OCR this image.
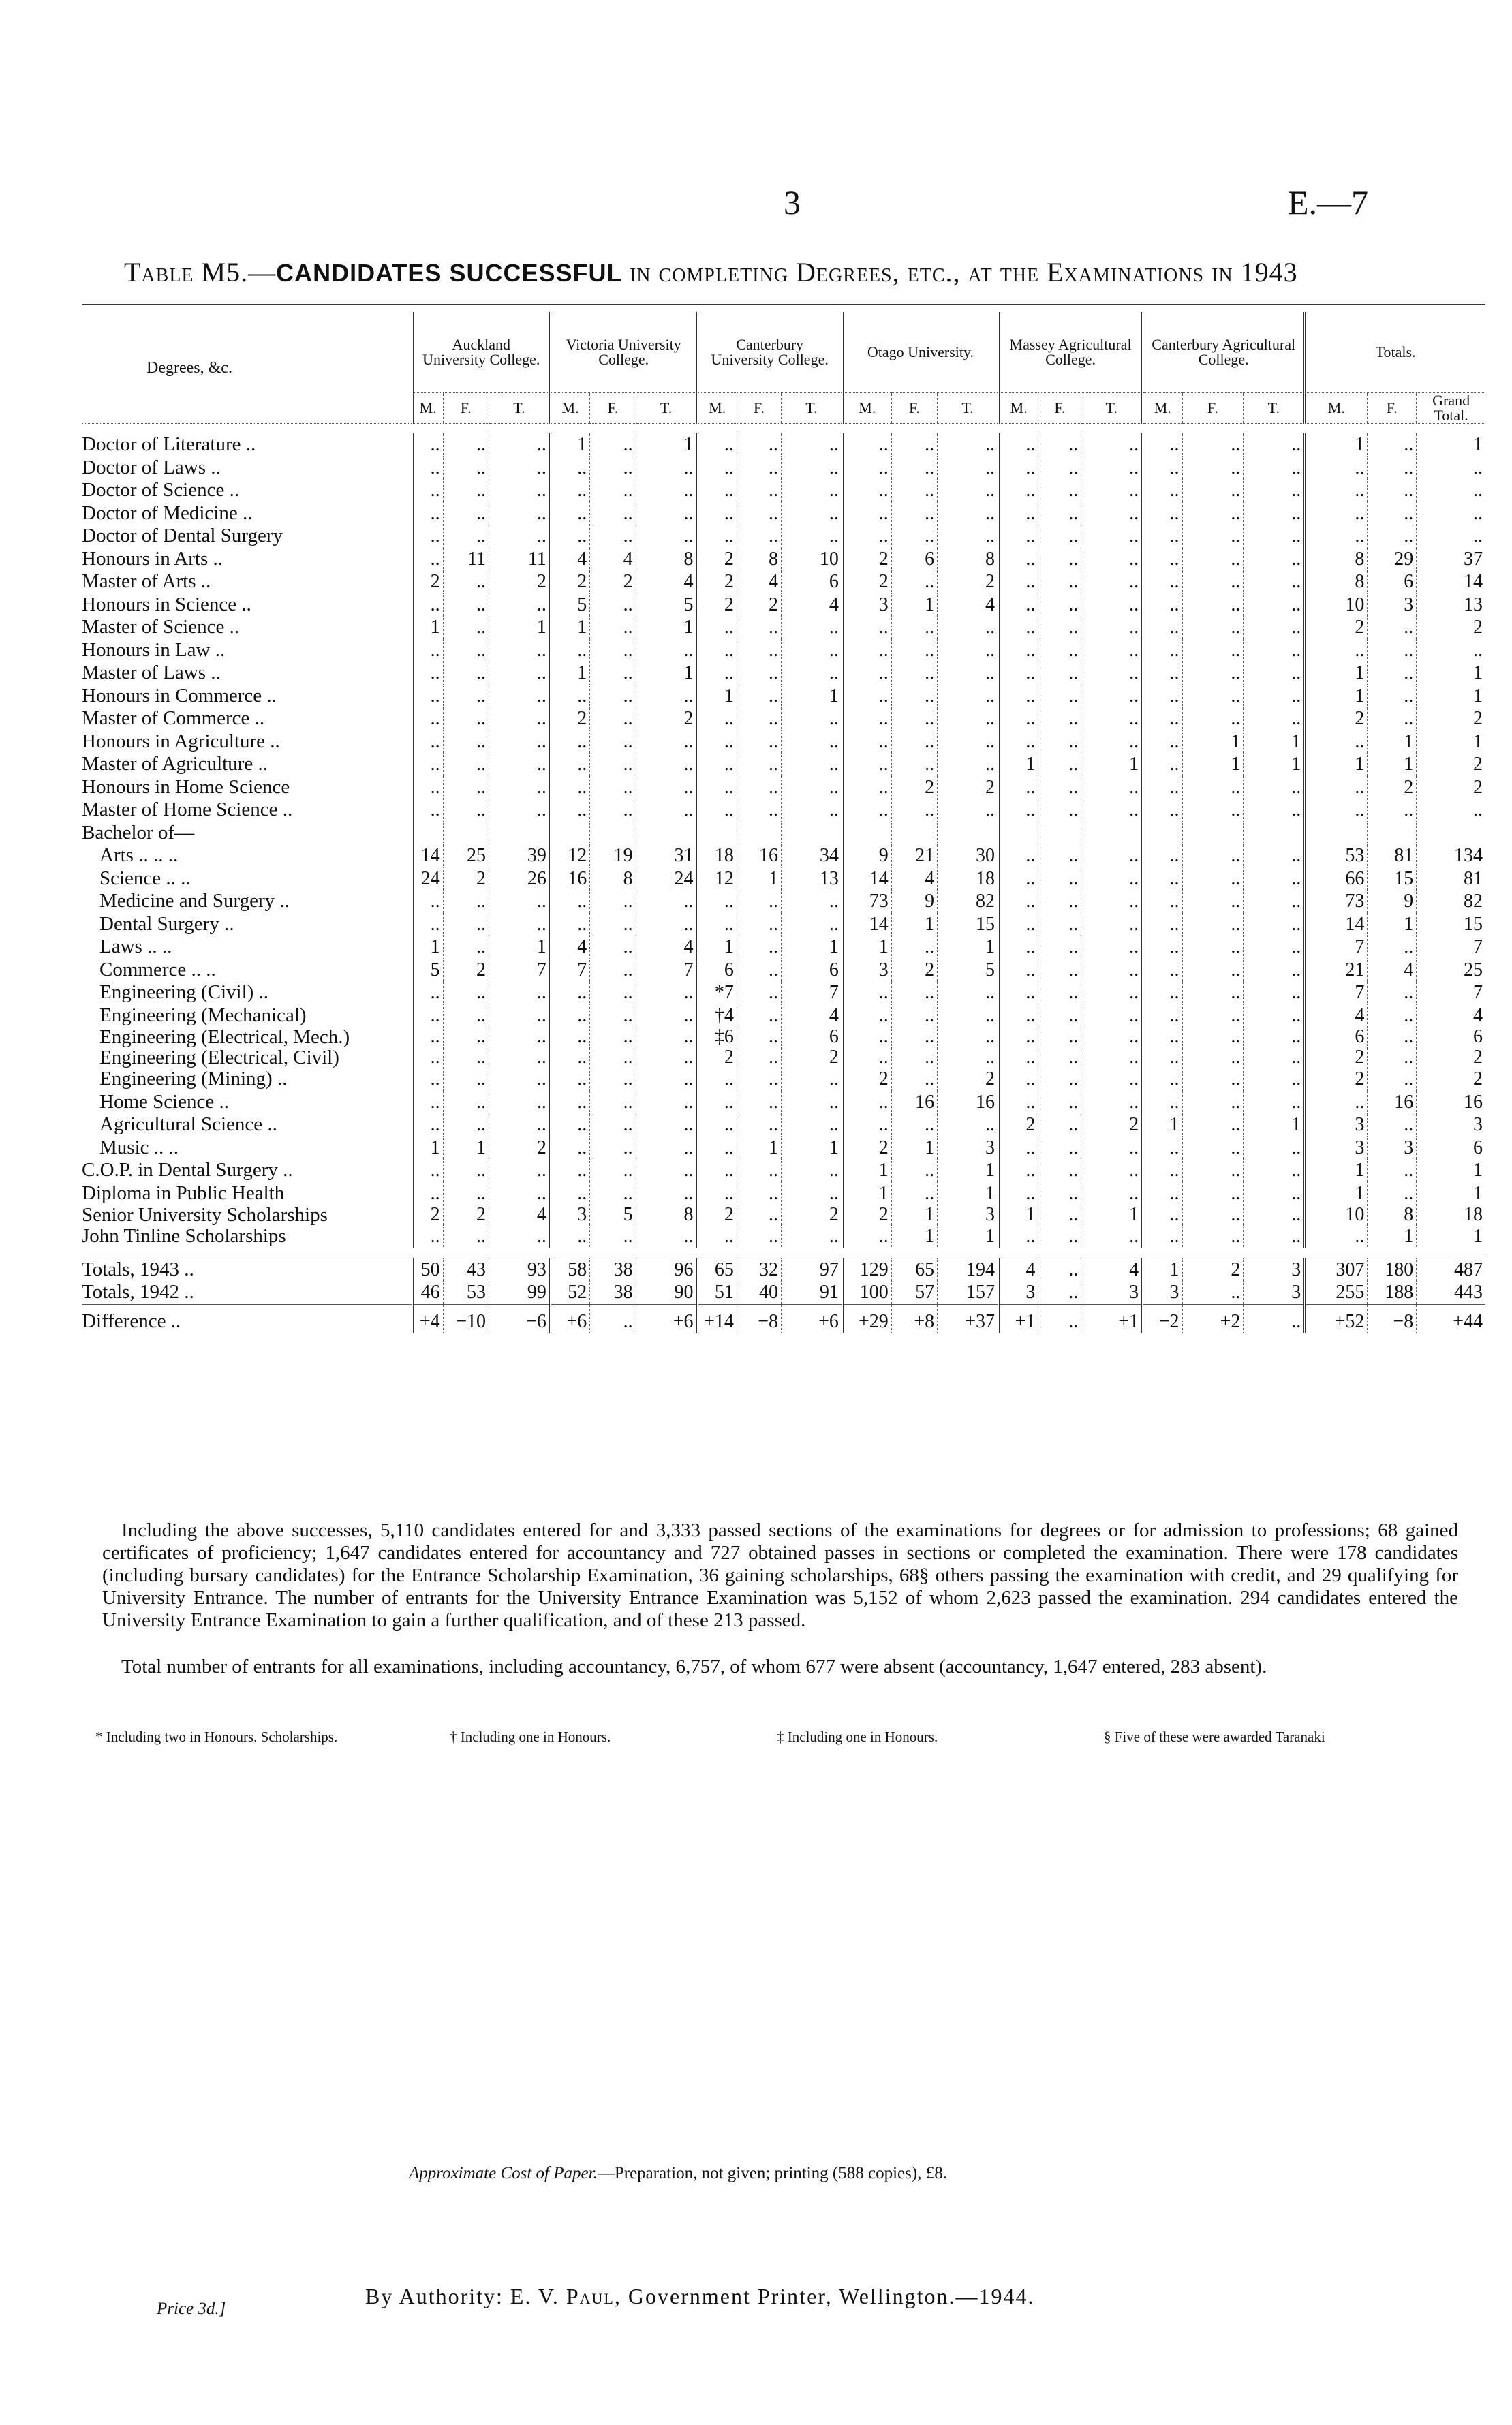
3	E.—7
Table M5.—CANDIDATES SUCCESSFUL in completing Degrees, etc., at the Examinations in 1943
Degrees, &c.	Auckland University College.			Victoria University College.			Canterbury University College.			Otago University.			Massey Agricultural College.			Canterbury Agricultural College.			Totals.		
	M.	F.	T.	M.	F.	T.	M.	F.	T.	M.	F.	T.	M.	F.	T.	M.	F.	T.	M.	F.	Grand Total.

Doctor of Literature ..	..	..	..	1	..	1	..	..	..	..	..	..	..	..	..	..	..	..	1	..	1
Doctor of Laws ..	..	..	..	..	..	..	..	..	..	..	..	..	..	..	..	..	..	..	..	..	..
Doctor of Science ..	..	..	..	..	..	..	..	..	..	..	..	..	..	..	..	..	..	..	..	..	..
Doctor of Medicine ..	..	..	..	..	..	..	..	..	..	..	..	..	..	..	..	..	..	..	..	..	..
Doctor of Dental Surgery	..	..	..	..	..	..	..	..	..	..	..	..	..	..	..	..	..	..	..	..	..
Honours in Arts ..	..	11	11	4	4	8	2	8	10	2	6	8	..	..	..	..	..	..	8	29	37
Master of Arts ..	2	..	2	2	2	4	2	4	6	2	..	2	..	..	..	..	..	..	8	6	14
Honours in Science ..	..	..	..	5	..	5	2	2	4	3	1	4	..	..	..	..	..	..	10	3	13
Master of Science ..	1	..	1	1	..	1	..	..	..	..	..	..	..	..	..	..	..	..	2	..	2
Honours in Law ..	..	..	..	..	..	..	..	..	..	..	..	..	..	..	..	..	..	..	..	..	..
Master of Laws ..	..	..	..	1	..	1	..	..	..	..	..	..	..	..	..	..	..	..	1	..	1
Honours in Commerce ..	..	..	..	..	..	..	1	..	1	..	..	..	..	..	..	..	..	..	1	..	1
Master of Commerce ..	..	..	..	2	..	2	..	..	..	..	..	..	..	..	..	..	..	..	2	..	2
Honours in Agriculture ..	..	..	..	..	..	..	..	..	..	..	..	..	..	..	..	..	1	1	..	1	1
Master of Agriculture ..	..	..	..	..	..	..	..	..	..	..	..	..	1	..	1	..	1	1	1	1	2
Honours in Home Science	..	..	..	..	..	..	..	..	..	..	2	2	..	..	..	..	..	..	..	2	2
Master of Home Science ..	..	..	..	..	..	..	..	..	..	..	..	..	..	..	..	..	..	..	..	..	..
Bachelor of—																					
Arts .. .. ..	14	25	39	12	19	31	18	16	34	9	21	30	..	..	..	..	..	..	53	81	134
Science .. ..	24	2	26	16	8	24	12	1	13	14	4	18	..	..	..	..	..	..	66	15	81
Medicine and Surgery ..	..	..	..	..	..	..	..	..	..	73	9	82	..	..	..	..	..	..	73	9	82
Dental Surgery ..	..	..	..	..	..	..	..	..	..	14	1	15	..	..	..	..	..	..	14	1	15
Laws .. ..	1	..	1	4	..	4	1	..	1	1	..	1	..	..	..	..	..	..	7	..	7
Commerce .. ..	5	2	7	7	..	7	6	..	6	3	2	5	..	..	..	..	..	..	21	4	25
Engineering (Civil) ..	..	..	..	..	..	..	*7	..	7	..	..	..	..	..	..	..	..	..	7	..	7
Engineering (Mechanical)	..	..	..	..	..	..	†4	..	4	..	..	..	..	..	..	..	..	..	4	..	4
Engineering (Electrical, Mech.)	..	..	..	..	..	..	‡6	..	6	..	..	..	..	..	..	..	..	..	6	..	6
Engineering (Electrical, Civil)	..	..	..	..	..	..	2	..	2	..	..	..	..	..	..	..	..	..	2	..	2
Engineering (Mining) ..	..	..	..	..	..	..	..	..	..	2	..	2	..	..	..	..	..	..	2	..	2
Home Science ..	..	..	..	..	..	..	..	..	..	..	16	16	..	..	..	..	..	..	..	16	16
Agricultural Science ..	..	..	..	..	..	..	..	..	..	..	..	..	2	..	2	1	..	1	3	..	3
Music .. ..	1	1	2	..	..	..	..	1	1	2	1	3	..	..	..	..	..	..	3	3	6
C.O.P. in Dental Surgery ..	..	..	..	..	..	..	..	..	..	1	..	1	..	..	..	..	..	..	1	..	1
Diploma in Public Health	..	..	..	..	..	..	..	..	..	1	..	1	..	..	..	..	..	..	1	..	1
Senior University Scholarships	2	2	4	3	5	8	2	..	2	2	1	3	1	..	1	..	..	..	10	8	18
John Tinline Scholarships	..	..	..	..	..	..	..	..	..	..	1	1	..	..	..	..	..	..	..	1	1

Totals, 1943 ..	50	43	93	58	38	96	65	32	97	129	65	194	4	..	4	1	2	3	307	180	487
Totals, 1942 ..	46	53	99	52	38	90	51	40	91	100	57	157	3	..	3	3	..	3	255	188	443
Difference ..	+4	−10	−6	+6	..	+6	+14	−8	+6	+29	+8	+37	+1	..	+1	−2	+2	..	+52	−8	+44
Including the above successes, 5,110 candidates entered for and 3,333 passed sections of the examinations for degrees or for admission to professions; 68 gained certificates of proficiency; 1,647 candidates entered for accountancy and 727 obtained passes in sections or completed the examination. There were 178 candidates (including bursary candidates) for the Entrance Scholarship Examination, 36 gaining scholarships, 68§ others passing the examination with credit, and 29 qualifying for University Entrance. The number of entrants for the University Entrance Examination was 5,152 of whom 2,623 passed the examination. 294 candidates entered the University Entrance Examination to gain a further qualification, and of these 213 passed.
Total number of entrants for all examinations, including accountancy, 6,757, of whom 677 were absent (accountancy, 1,647 entered, 283 absent).
* Including two in Honours. Scholarships.	† Including one in Honours.	‡ Including one in Honours.	§ Five of these were awarded Taranaki
Approximate Cost of Paper.—Preparation, not given; printing (588 copies), £8.
Price 3d.]
By Authority: E. V. Paul, Government Printer, Wellington.—1944.
